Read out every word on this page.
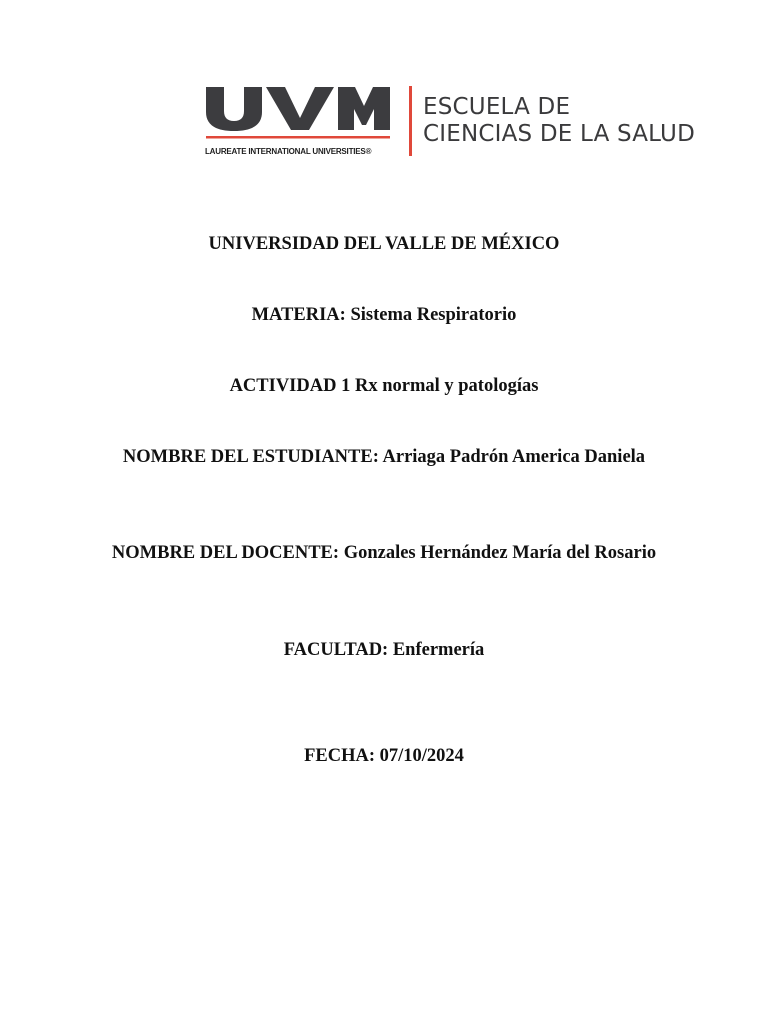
LAUREATE INTERNATIONAL UNIVERSITIES®
ESCUELA DE
CIENCIAS DE LA SALUD
UNIVERSIDAD DEL VALLE DE MÉXICO
MATERIA: Sistema Respiratorio
ACTIVIDAD 1 Rx normal y patologías
NOMBRE DEL ESTUDIANTE: Arriaga Padrón America Daniela
NOMBRE DEL DOCENTE: Gonzales Hernández María del Rosario
FACULTAD: Enfermería
FECHA: 07/10/2024
